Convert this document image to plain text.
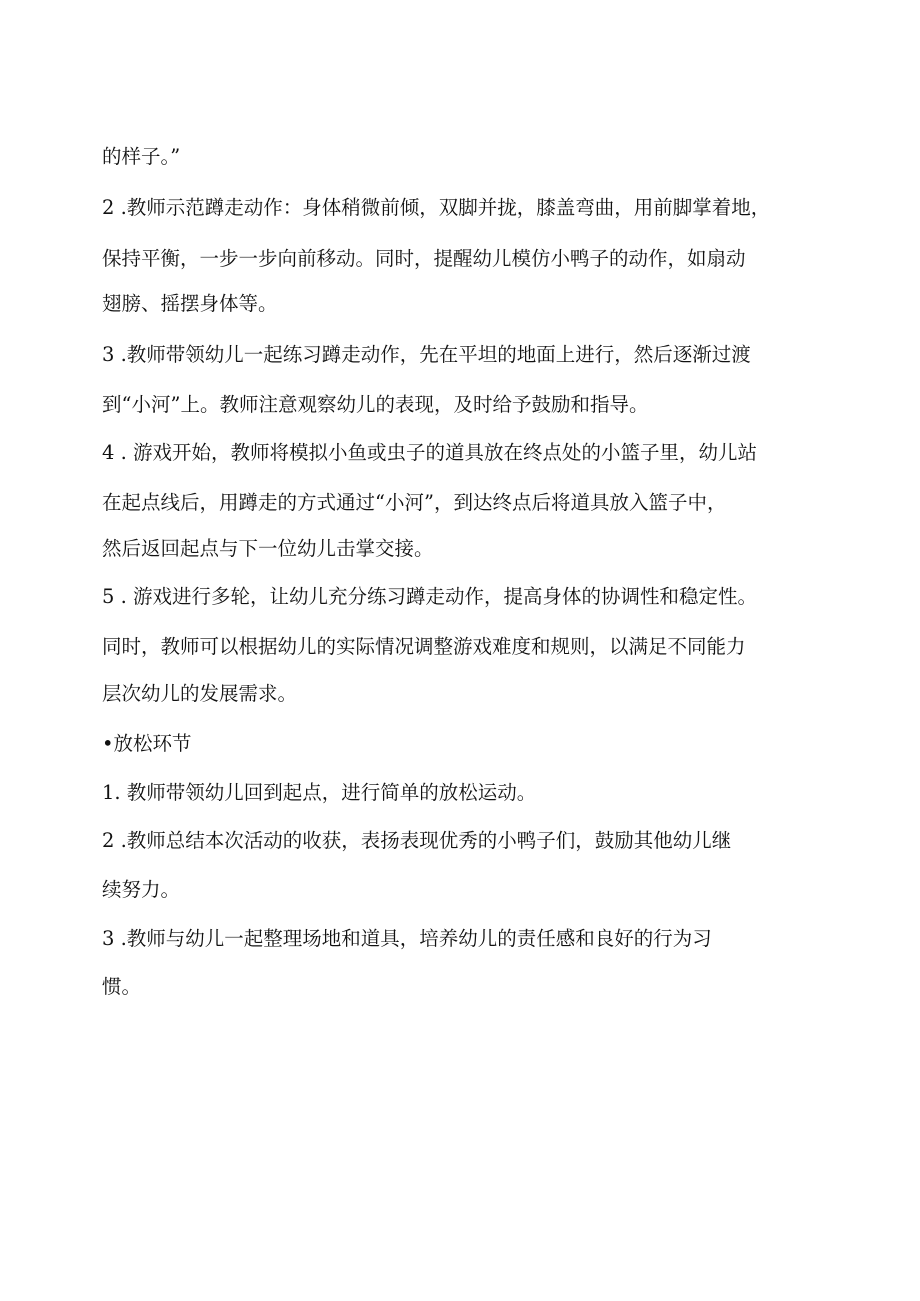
的样子。”
2 .教师示范蹲走动作：身体稍微前倾，双脚并拢，膝盖弯曲，用前脚掌着地，
保持平衡，一步一步向前移动。同时，提醒幼儿模仿小鸭子的动作，如扇动
翅膀、摇摆身体等。
3 .教师带领幼儿一起练习蹲走动作，先在平坦的地面上进行，然后逐渐过渡
到“小河”上。教师注意观察幼儿的表现，及时给予鼓励和指导。
4 . 游戏开始，教师将模拟小鱼或虫子的道具放在终点处的小篮子里，幼儿站
在起点线后，用蹲走的方式通过“小河”，到达终点后将道具放入篮子中，
然后返回起点与下一位幼儿击掌交接。
5 . 游戏进行多轮，让幼儿充分练习蹲走动作，提高身体的协调性和稳定性。
同时，教师可以根据幼儿的实际情况调整游戏难度和规则，以满足不同能力
层次幼儿的发展需求。
•放松环节
1. 教师带领幼儿回到起点，进行简单的放松运动。
2 .教师总结本次活动的收获，表扬表现优秀的小鸭子们，鼓励其他幼儿继
续努力。
3 .教师与幼儿一起整理场地和道具，培养幼儿的责任感和良好的行为习
惯。
